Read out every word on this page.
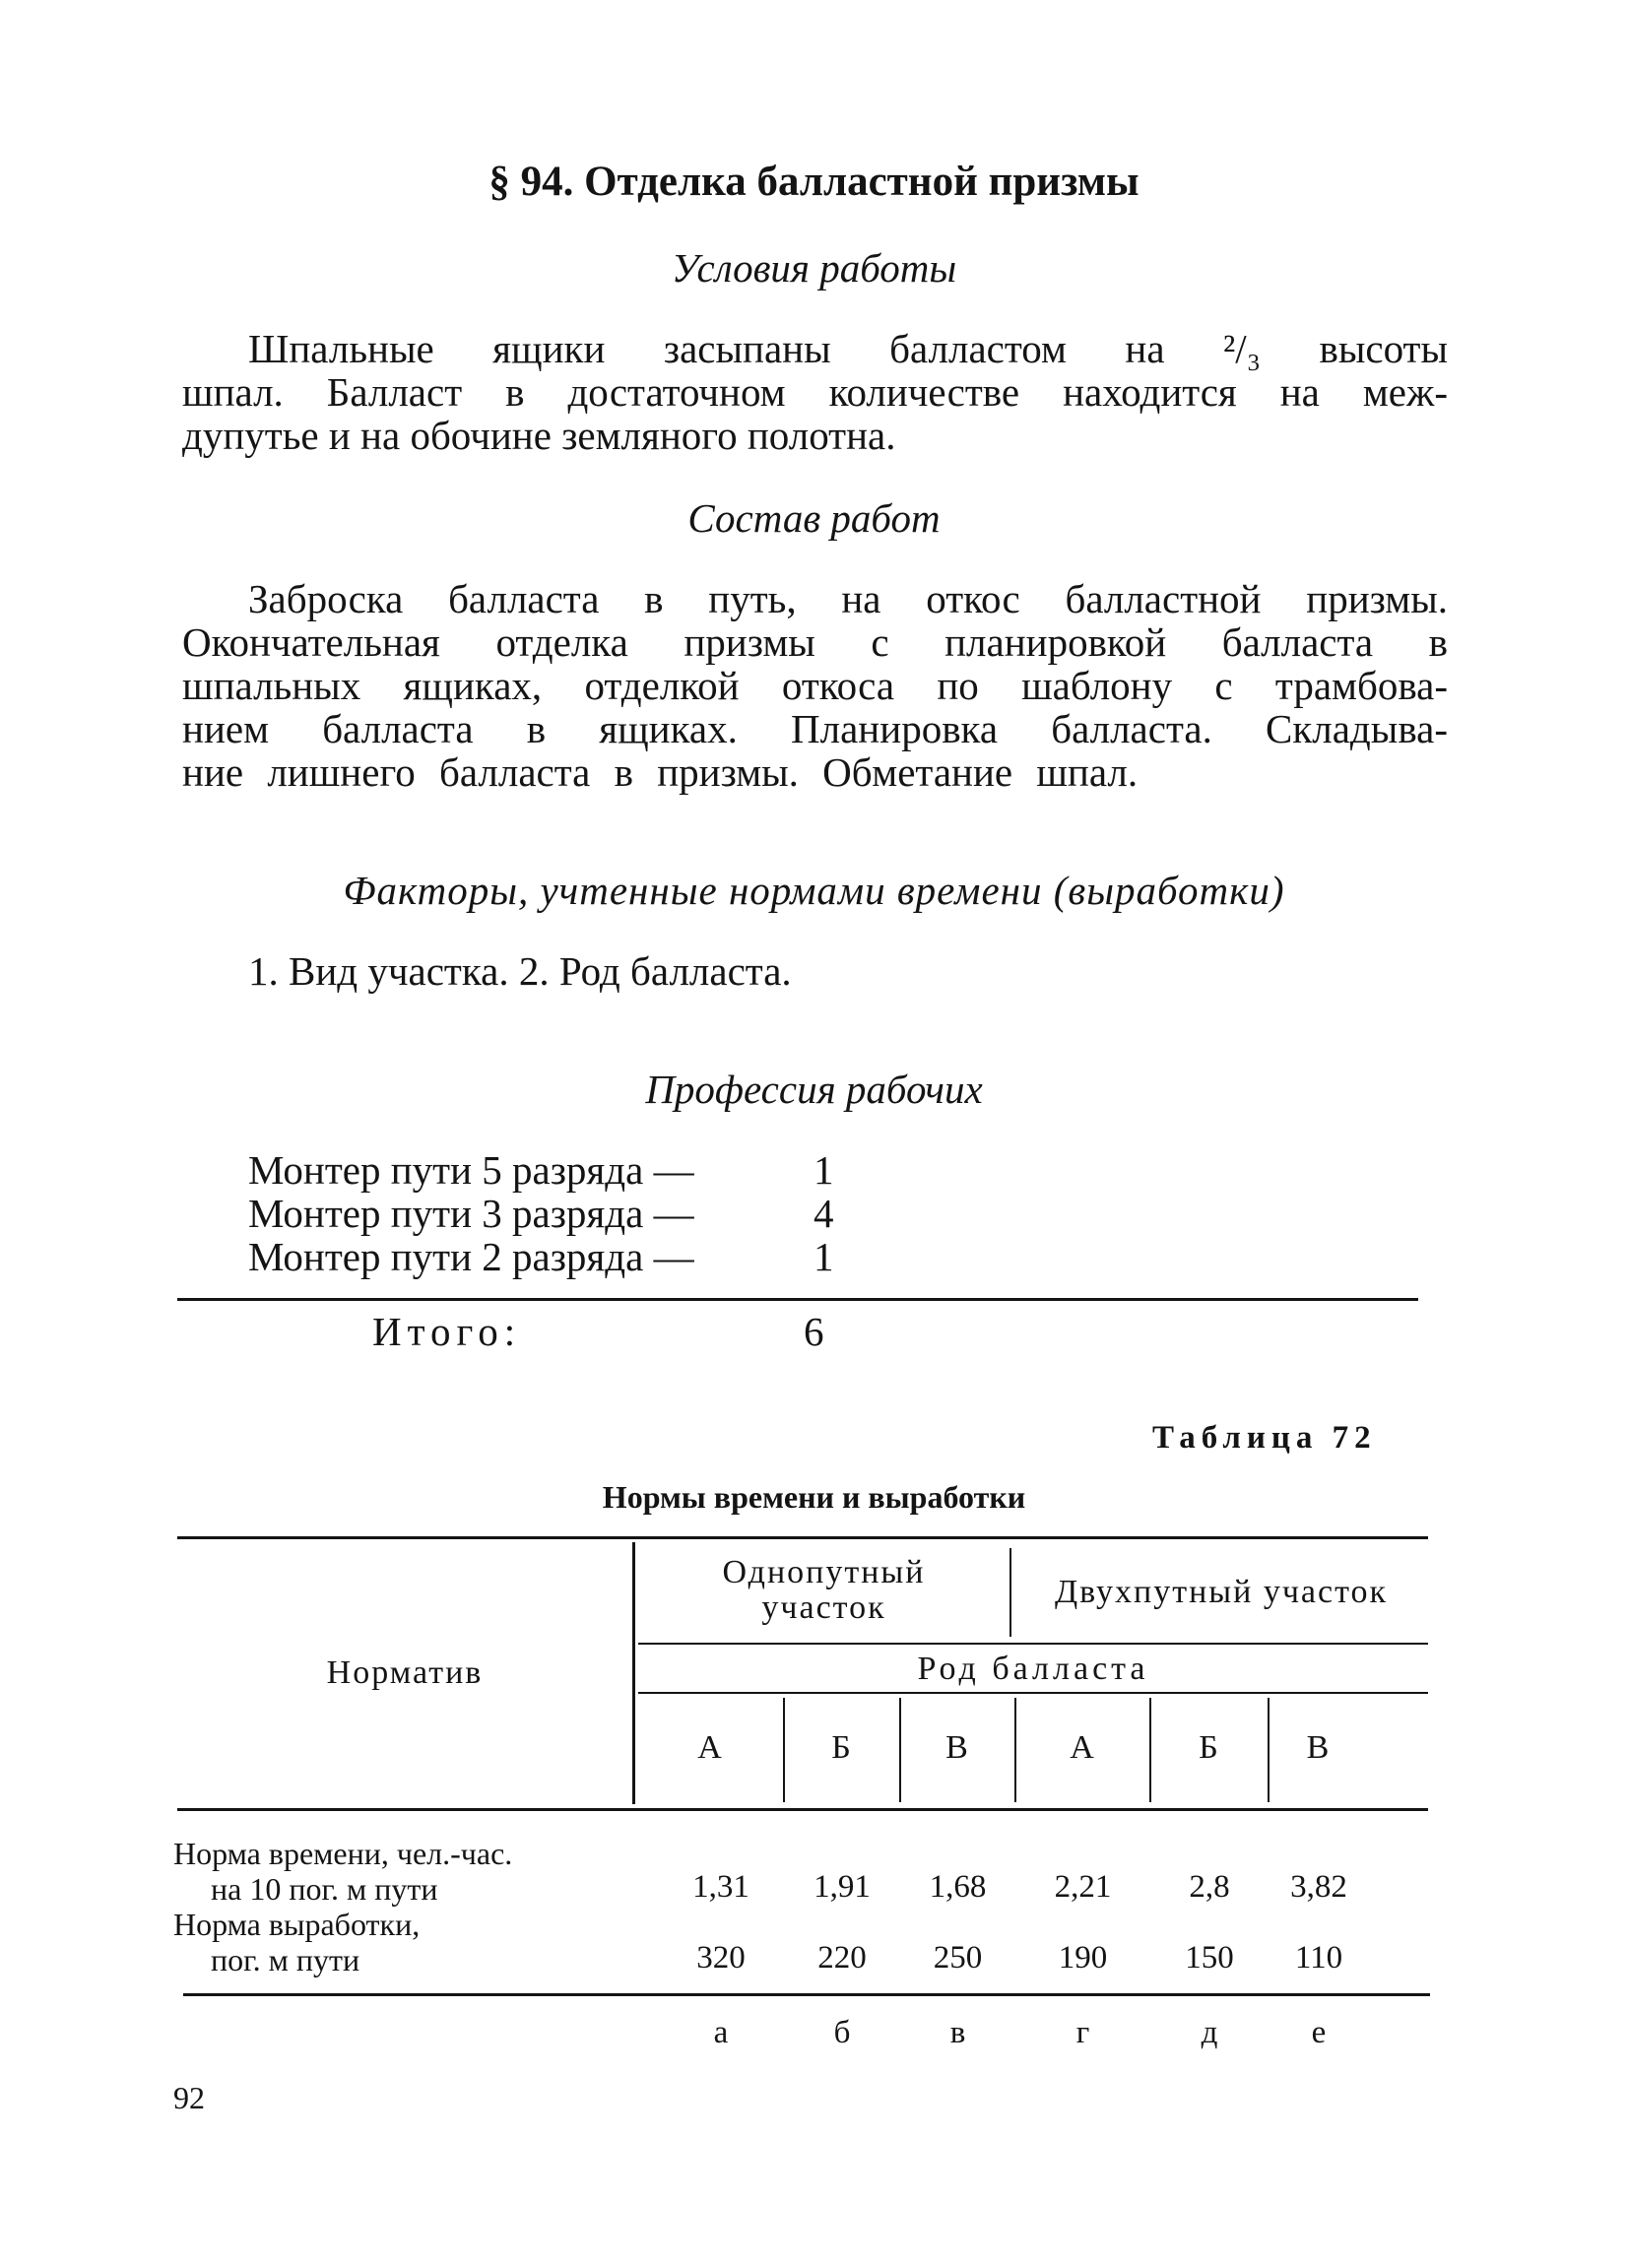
§ 94. Отделка балластной призмы
Условия работы
Шпальные ящики засыпаны балластом на ²/₃ высоты
шпал. Балласт в достаточном количестве находится на меж-
дупутье и на обочине земляного полотна.
Состав работ
Заброска балласта в путь, на откос балластной призмы.
Окончательная отделка призмы с планировкой балласта в
шпальных ящиках, отделкой откоса по шаблону с трамбова-
нием балласта в ящиках. Планировка балласта. Складыва-
ние лишнего балласта в призмы. Обметание шпал.
Факторы, учтенные нормами времени (выработки)
1. Вид участка. 2. Род балласта.
Профессия рабочих
Монтер пути 5 разряда —	1
Монтер пути 3 разряда —	4
Монтер пути 2 разряда —	1
Итого:	6
Таблица 72
Нормы времени и выработки
Норматив
Однопутный
участок	Двухпутный участок
Род балласта
А	Б	В	А	Б	В
Норма времени, чел.-час.
на 10 пог. м пути	1,31	1,91	1,68	2,21	2,8	3,82
Норма выработки,
пог. м пути	320	220	250	190	150	110
а	б	в	г	д	е
92
